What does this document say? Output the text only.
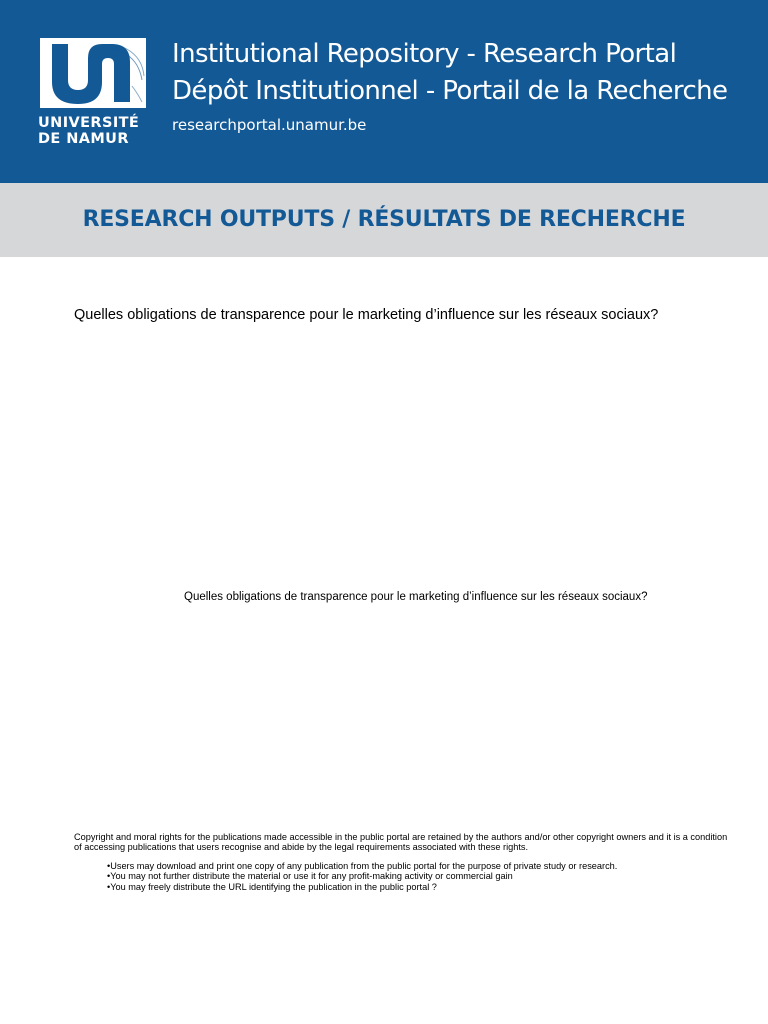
UNIVERSITÉ
DE NAMUR
Institutional Repository - Research Portal
Dépôt Institutionnel - Portail de la Recherche
researchportal.unamur.be
RESEARCH OUTPUTS / RÉSULTATS DE RECHERCHE
Quelles obligations de transparence pour le marketing d’influence sur les réseaux sociaux?
Quelles obligations de transparence pour le marketing d’influence sur les réseaux sociaux?
Copyright and moral rights for the publications made accessible in the public portal are retained by the authors and/or other copyright owners and it is a condition of accessing publications that users recognise and abide by the legal requirements associated with these rights.
• Users may download and print one copy of any publication from the public portal for the purpose of private study or research.
• You may not further distribute the material or use it for any profit-making activity or commercial gain
• You may freely distribute the URL identifying the publication in the public portal ?
